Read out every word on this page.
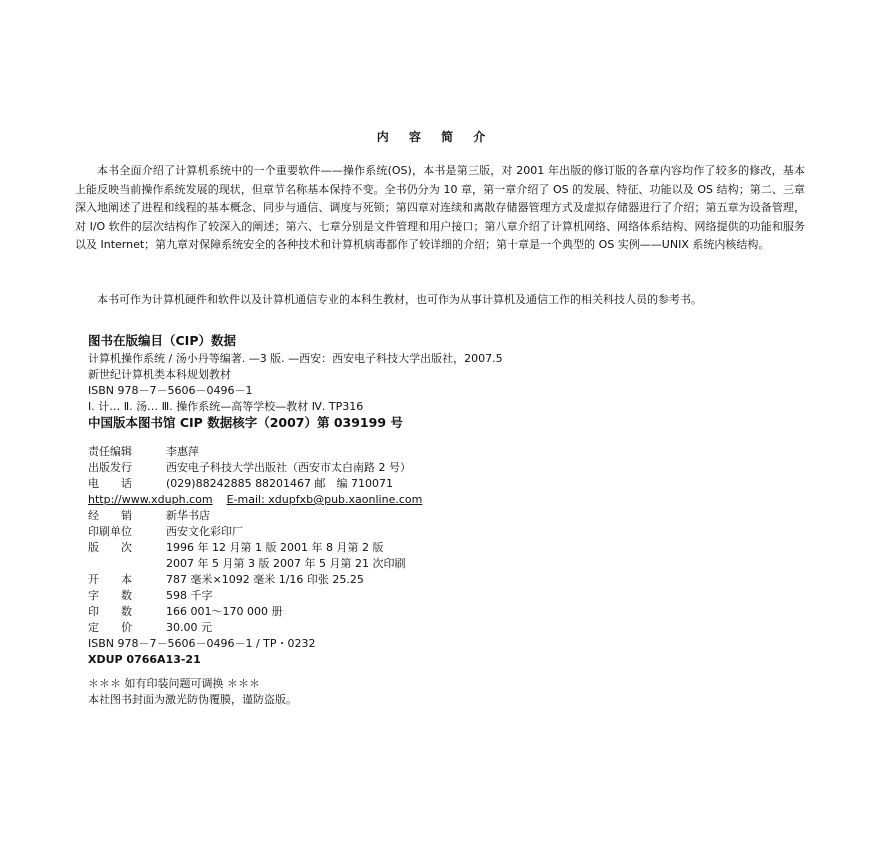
内 容 简 介

本书全面介绍了计算机系统中的一个重要软件——操作系统(OS)，本书是第三版，对 2001 年出版的修订版的各章内容均作了较多的修改，基本上能反映当前操作系统发展的现状，但章节名称基本保持不变。全书仍分为 10 章，第一章介绍了 OS 的发展、特征、功能以及 OS 结构；第二、三章深入地阐述了进程和线程的基本概念、同步与通信、调度与死锁；第四章对连续和离散存储器管理方式及虚拟存储器进行了介绍；第五章为设备管理，对 I/O 软件的层次结构作了较深入的阐述；第六、七章分别是文件管理和用户接口；第八章介绍了计算机网络、网络体系结构、网络提供的功能和服务以及 Internet；第九章对保障系统安全的各种技术和计算机病毒都作了较详细的介绍；第十章是一个典型的 OS 实例——UNIX 系统内核结构。

本书可作为计算机硬件和软件以及计算机通信专业的本科生教材，也可作为从事计算机及通信工作的相关科技人员的参考书。

图书在版编目（CIP）数据
计算机操作系统 / 汤小丹等编著. —3 版. —西安：西安电子科技大学出版社，2007.5
新世纪计算机类本科规划教材
ISBN 978－7－5606－0496－1
Ⅰ. 计… Ⅱ. 汤… Ⅲ. 操作系统—高等学校—教材 Ⅳ. TP316
中国版本图书馆 CIP 数据核字（2007）第 039199 号
责任编辑	李惠萍
出版发行	西安电子科技大学出版社（西安市太白南路 2 号）
电　　话	(029)88242885 88201467 邮　编 710071
http://www.xduph.com E-mail: xdupfxb@pub.xaonline.com
经　　销	新华书店
印刷单位	西安文化彩印厂
版　　次	1996 年 12 月第 1 版 2001 年 8 月第 2 版
2007 年 5 月第 3 版 2007 年 5 月第 21 次印刷
开　　本	787 毫米×1092 毫米 1/16 印张 25.25
字　　数	598 千字
印　　数	166 001～170 000 册
定　　价	30.00 元
ISBN 978－7－5606－0496－1 / TP・0232
XDUP 0766A13-21
＊＊＊ 如有印装问题可调换 ＊＊＊
本社图书封面为激光防伪覆膜，谨防盗版。
